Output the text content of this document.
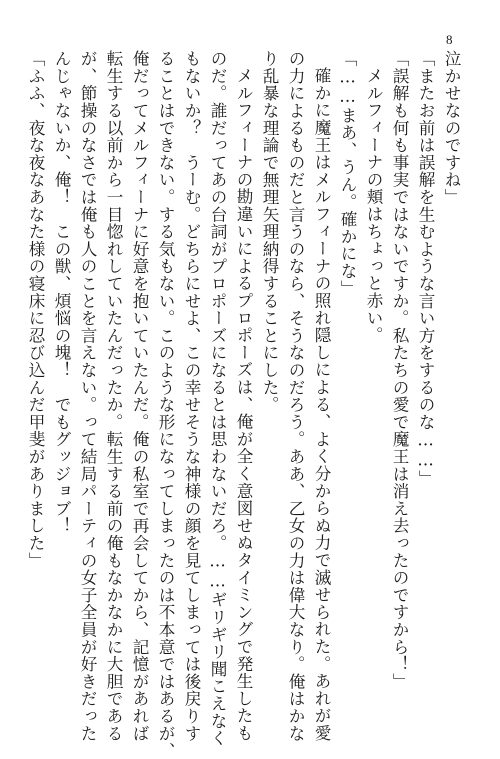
8
泣かせなのですね」
「またお前は誤解を生むような言い方をするのな……」
「誤解も何も事実ではないですか。私たちの愛で魔王は消え去ったのですから！」
メルフィーナの頬はちょっと赤い。
「……まあ、うん。確かにな」
確かに魔王はメルフィーナの照れ隠しによる、よく分からぬ力で滅せられた。あれが愛
の力によるものだと言うのなら、そうなのだろう。ああ、乙女の力は偉大なり。俺はかな
り乱暴な理論で無理矢理納得することにした。
メルフィーナの勘違いによるプロポーズは、俺が全く意図せぬタイミングで発生したも
のだ。誰だってあの台詞がプロポーズになるとは思わないだろ。……ギリギリ聞こえなく
もないか？　うーむ。どちらにせよ、この幸せそうな神様の顔を見てしまっては後戻りす
ることはできない。する気もない。このような形になってしまったのは不本意ではあるが、
俺だってメルフィーナに好意を抱いていたんだ。俺の私室で再会してから、記憶があれば
転生する以前から一目惚れしていたんだったか。転生する前の俺もなかなかに大胆である
が、節操のなさでは俺も人のことを言えない。って結局パーティの女子全員が好きだった
んじゃないか、俺！　この獣、煩悩の塊！　でもグッジョブ！
「ふふ、夜な夜なあなた様の寝床に忍び込んだ甲斐がありました」
